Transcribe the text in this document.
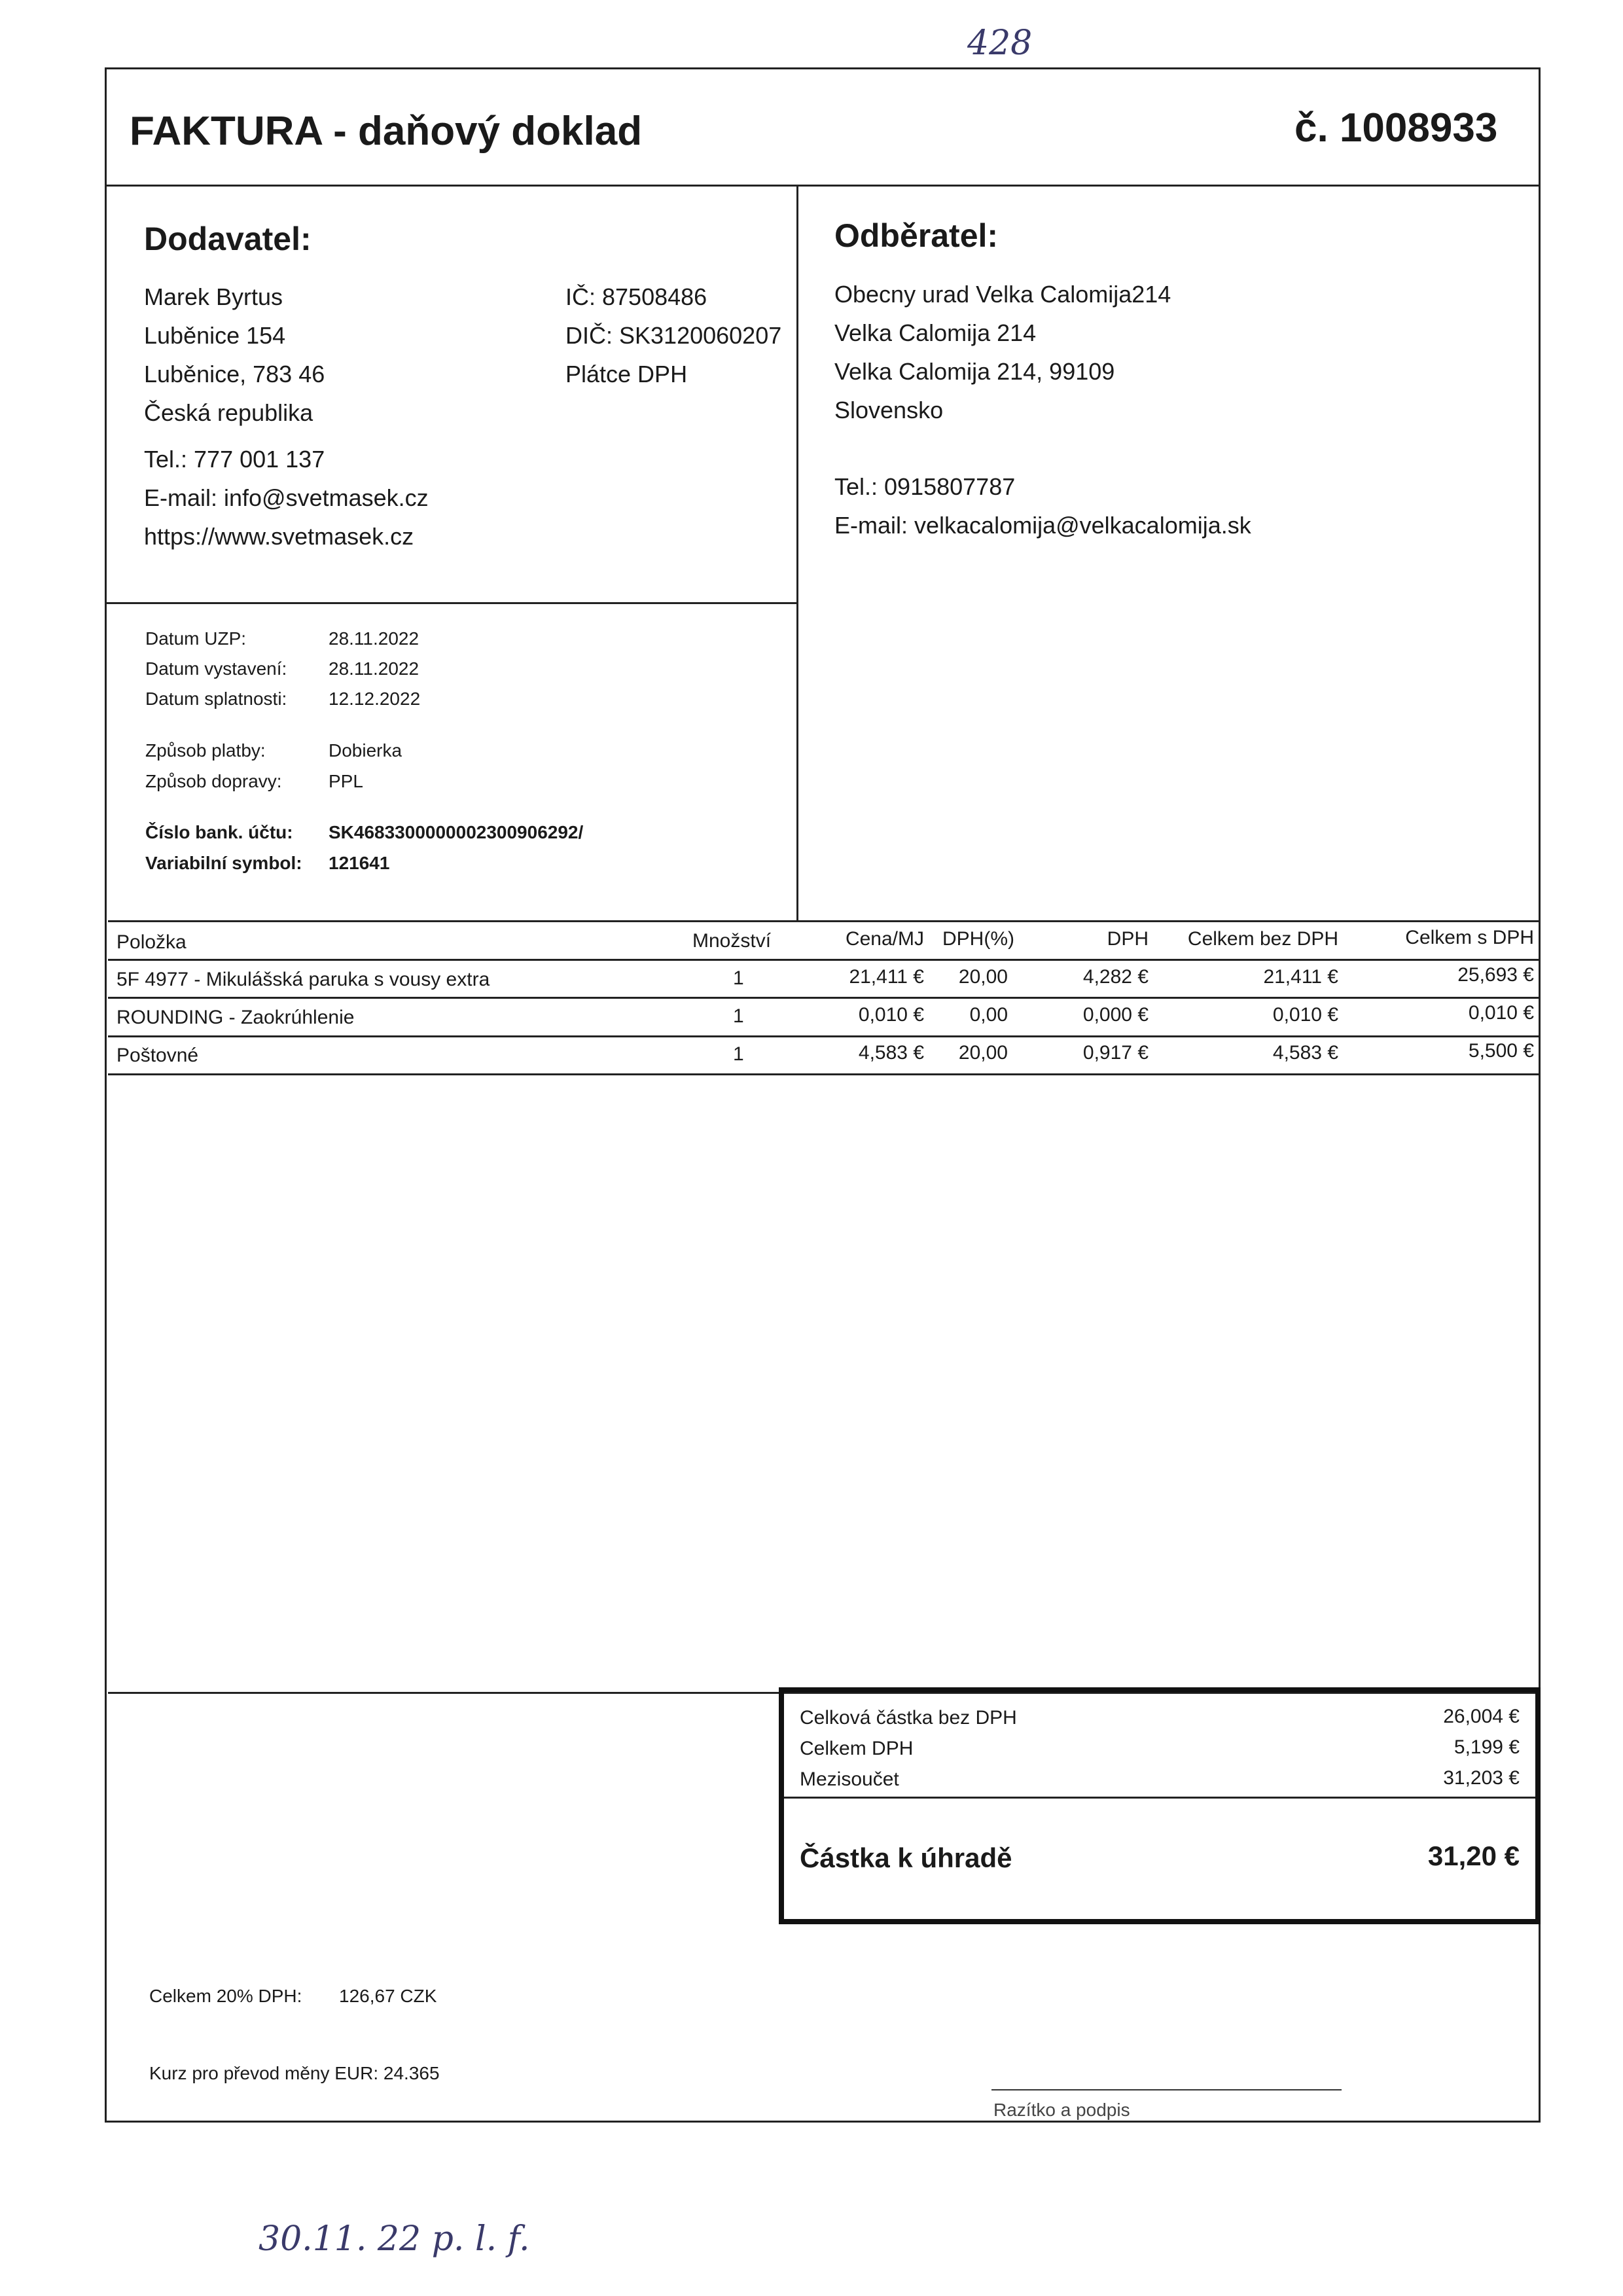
428
30.11. 22 p. l. f.
FAKTURA - daňový doklad	č. 1008933
Dodavatel:
Marek Byrtus
Luběnice 154
Luběnice, 783 46
Česká republika
Tel.: 777 001 137
E-mail: info@svetmasek.cz
https://www.svetmasek.cz
IČ: 87508486
DIČ: SK3120060207
Plátce DPH
Odběratel:
Obecny urad Velka Calomija214
Velka Calomija 214
Velka Calomija 214, 99109
Slovensko
Tel.: 0915807787
E-mail: velkacalomija@velkacalomija.sk
Datum UZP:	28.11.2022
Datum vystavení: 28.11.2022
Datum splatnosti: 12.12.2022
Způsob platby:	Dobierka
Způsob dopravy:	PPL
Číslo bank. účtu: SK4683300000002300906292/
Variabilní symbol: 121641
Položka	Množství	Cena/MJ DPH(%)	DPH	Celkem bez DPH	Celkem s DPH
5F 4977 - Mikulášská paruka s vousy extra	1	21,411 €	20,00	4,282 €	21,411 €	25,693 €
ROUNDING - Zaokrúhlenie	1	0,010 €	0,00	0,000 €	0,010 €	0,010 €
Poštovné	1	4,583 €	20,00	0,917 €	4,583 €	5,500 €
Celková částka bez DPH	26,004 €
Celkem DPH	5,199 €
Mezisoučet	31,203 €
Částka k úhradě	31,20 €
Celkem 20% DPH: 126,67 CZK
Kurz pro převod měny EUR: 24.365
Razítko a podpis
